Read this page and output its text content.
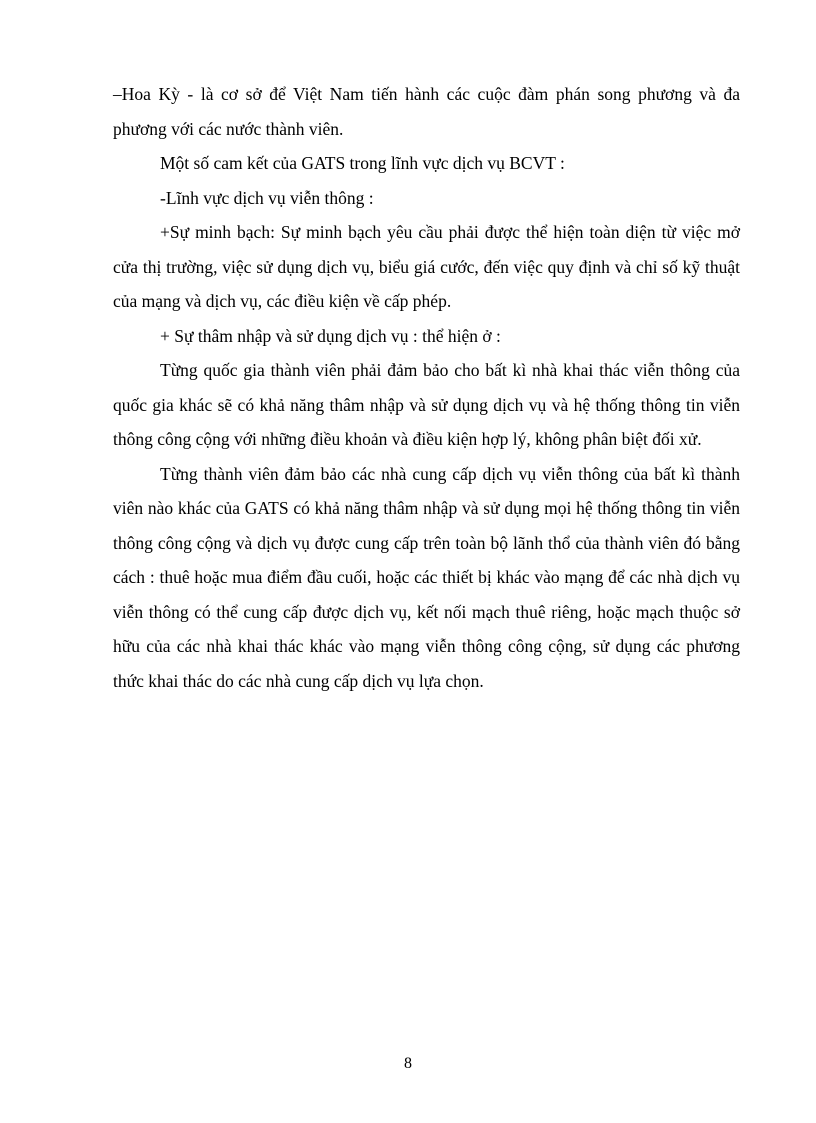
–Hoa Kỳ - là cơ sở để Việt Nam tiến hành các cuộc đàm phán song phương và đa phương với các nước thành viên.

Một số cam kết của GATS trong lĩnh vực dịch vụ BCVT :

-Lĩnh vực dịch vụ viễn thông :

+Sự minh bạch: Sự minh bạch yêu cầu phải được thể hiện toàn diện từ việc mở cửa thị trường, việc sử dụng dịch vụ, biểu giá cước, đến việc quy định và chỉ số kỹ thuật của mạng và dịch vụ, các điều kiện về cấp phép.

+ Sự thâm nhập và sử dụng dịch vụ : thể hiện ở :

Từng quốc gia thành viên phải đảm bảo cho bất kì nhà khai thác viễn thông của quốc gia khác sẽ có khả năng thâm nhập và sử dụng dịch vụ và hệ thống thông tin viễn thông công cộng với những điều khoản và điều kiện hợp lý, không phân biệt đối xử.

Từng thành viên đảm bảo các nhà cung cấp dịch vụ viễn thông của bất kì thành viên nào khác của GATS có khả năng thâm nhập và sử dụng mọi hệ thống thông tin viễn thông công cộng và dịch vụ được cung cấp trên toàn bộ lãnh thổ của thành viên đó bằng cách : thuê hoặc mua điểm đầu cuối, hoặc các thiết bị khác vào mạng để các nhà dịch vụ viễn thông có thể cung cấp được dịch vụ, kết nối mạch thuê riêng, hoặc mạch thuộc sở hữu của các nhà khai thác khác vào mạng viễn thông công cộng, sử dụng các phương thức khai thác do các nhà cung cấp dịch vụ lựa chọn.

8
